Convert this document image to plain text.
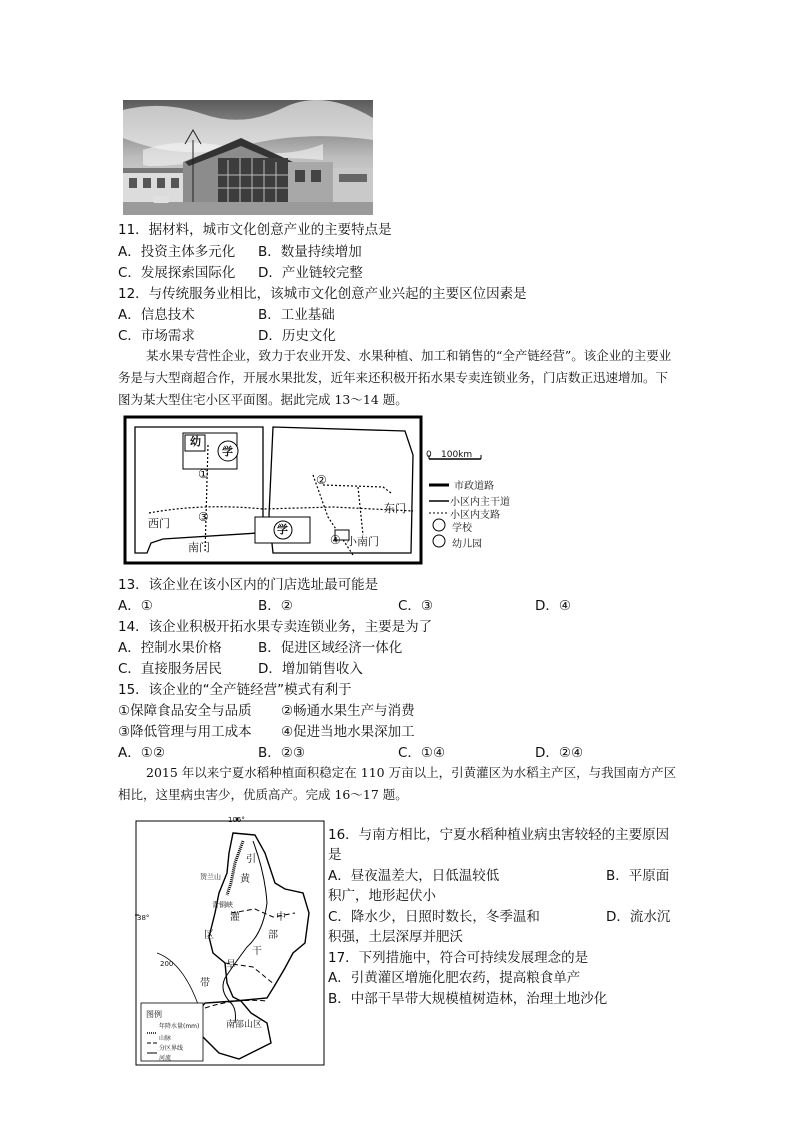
11．据材料，城市文化创意产业的主要特点是
A．投资主体多元化 B．数量持续增加
C．发展探索国际化 D．产业链较完整
12．与传统服务业相比，该城市文化创意产业兴起的主要区位因素是
A．信息技术	B．工业基础
C．市场需求	D．历史文化
某水果专营性企业，致力于农业开发、水果种植、加工和销售的“全产链经营”。该企业的主要业务是与大型商超合作，开展水果批发，近年来还积极开拓水果专卖连锁业务，门店数正迅速增加。下图为某大型住宅小区平面图。据此完成 13～14 题。
幼
学
学
①	②
③
④
西门
南门
东门
小南门
0 100km
市政道路
小区内主干道
小区内支路
学校
幼儿园
13．该企业在该小区内的门店选址最可能是
A．①	B．②	C．③	D．④
14．该企业积极开拓水果专卖连锁业务，主要是为了
A．控制水果价格	B．促进区域经济一体化
C．直接服务居民	D．增加销售收入
15．该企业的“全产链经营”模式有利于
①保障食品安全与品质 ②畅通水果生产与消费
③降低管理与用工成本 ④促进当地水果深加工
A．①②	B．②③	C．①④	D．②④
2015 年以来宁夏水稻种植面积稳定在 110 万亩以上，引黄灌区为水稻主产区，与我国南方产区相比，这里病虫害少，优质高产。完成 16～17 题。
106°
38°
引
黄
灌
区
中
部
干
旱
带
南部山区
贺兰山
青铜峡
200
图例
年降水量(mm)
山脉
分区界线
河流
16．与南方相比，宁夏水稻种植业病虫害较轻的主要原因
是
A．昼夜温差大，日低温较低	B．平原面
积广，地形起伏小
C．降水少，日照时数长，冬季温和	D．流水沉
积强，土层深厚并肥沃
17．下列措施中，符合可持续发展理念的是
A．引黄灌区增施化肥农药，提高粮食单产
B．中部干旱带大规模植树造林，治理土地沙化
